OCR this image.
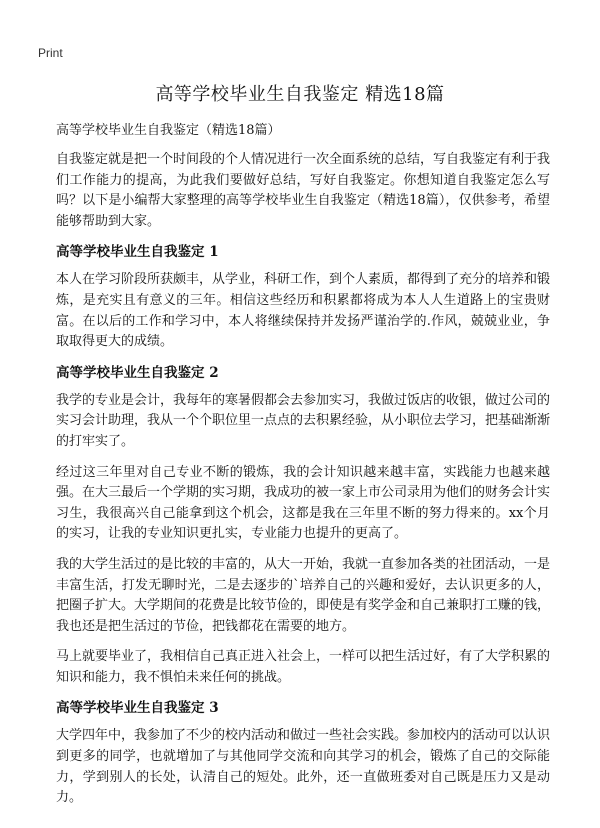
Print
高等学校毕业生自我鉴定 精选18篇
高等学校毕业生自我鉴定（精选18篇）

自我鉴定就是把一个时间段的个人情况进行一次全面系统的总结，写自我鉴定有利于我们工作能力的提高，为此我们要做好总结，写好自我鉴定。你想知道自我鉴定怎么写吗？以下是小编帮大家整理的高等学校毕业生自我鉴定（精选18篇），仅供参考，希望能够帮助到大家。

高等学校毕业生自我鉴定 1

本人在学习阶段所获颇丰，从学业，科研工作，到个人素质，都得到了充分的培养和锻炼，是充实且有意义的三年。相信这些经历和积累都将成为本人人生道路上的宝贵财富。在以后的工作和学习中，本人将继续保持并发扬严谨治学的.作风，兢兢业业，争取取得更大的成绩。

高等学校毕业生自我鉴定 2

我学的专业是会计，我每年的寒暑假都会去参加实习，我做过饭店的收银，做过公司的实习会计助理，我从一个个职位里一点点的去积累经验，从小职位去学习，把基础渐渐的打牢实了。

经过这三年里对自己专业不断的锻炼，我的会计知识越来越丰富，实践能力也越来越强。在大三最后一个学期的实习期，我成功的被一家上市公司录用为他们的财务会计实习生，我很高兴自己能拿到这个机会，这都是我在三年里不断的努力得来的。xx个月的实习，让我的专业知识更扎实，专业能力也提升的更高了。

我的大学生活过的是比较的丰富的，从大一开始，我就一直参加各类的社团活动，一是丰富生活，打发无聊时光，二是去逐步的`培养自己的兴趣和爱好，去认识更多的人，把圈子扩大。大学期间的花费是比较节俭的，即使是有奖学金和自己兼职打工赚的钱，我也还是把生活过的节俭，把钱都花在需要的地方。

马上就要毕业了，我相信自己真正进入社会上，一样可以把生活过好，有了大学积累的知识和能力，我不惧怕未来任何的挑战。

高等学校毕业生自我鉴定 3

大学四年中，我参加了不少的校内活动和做过一些社会实践。参加校内的活动可以认识到更多的同学，也就增加了与其他同学交流和向其学习的机会，锻炼了自己的交际能力，学到别人的长处，认清自己的短处。此外，还一直做班委对自己既是压力又是动力。
